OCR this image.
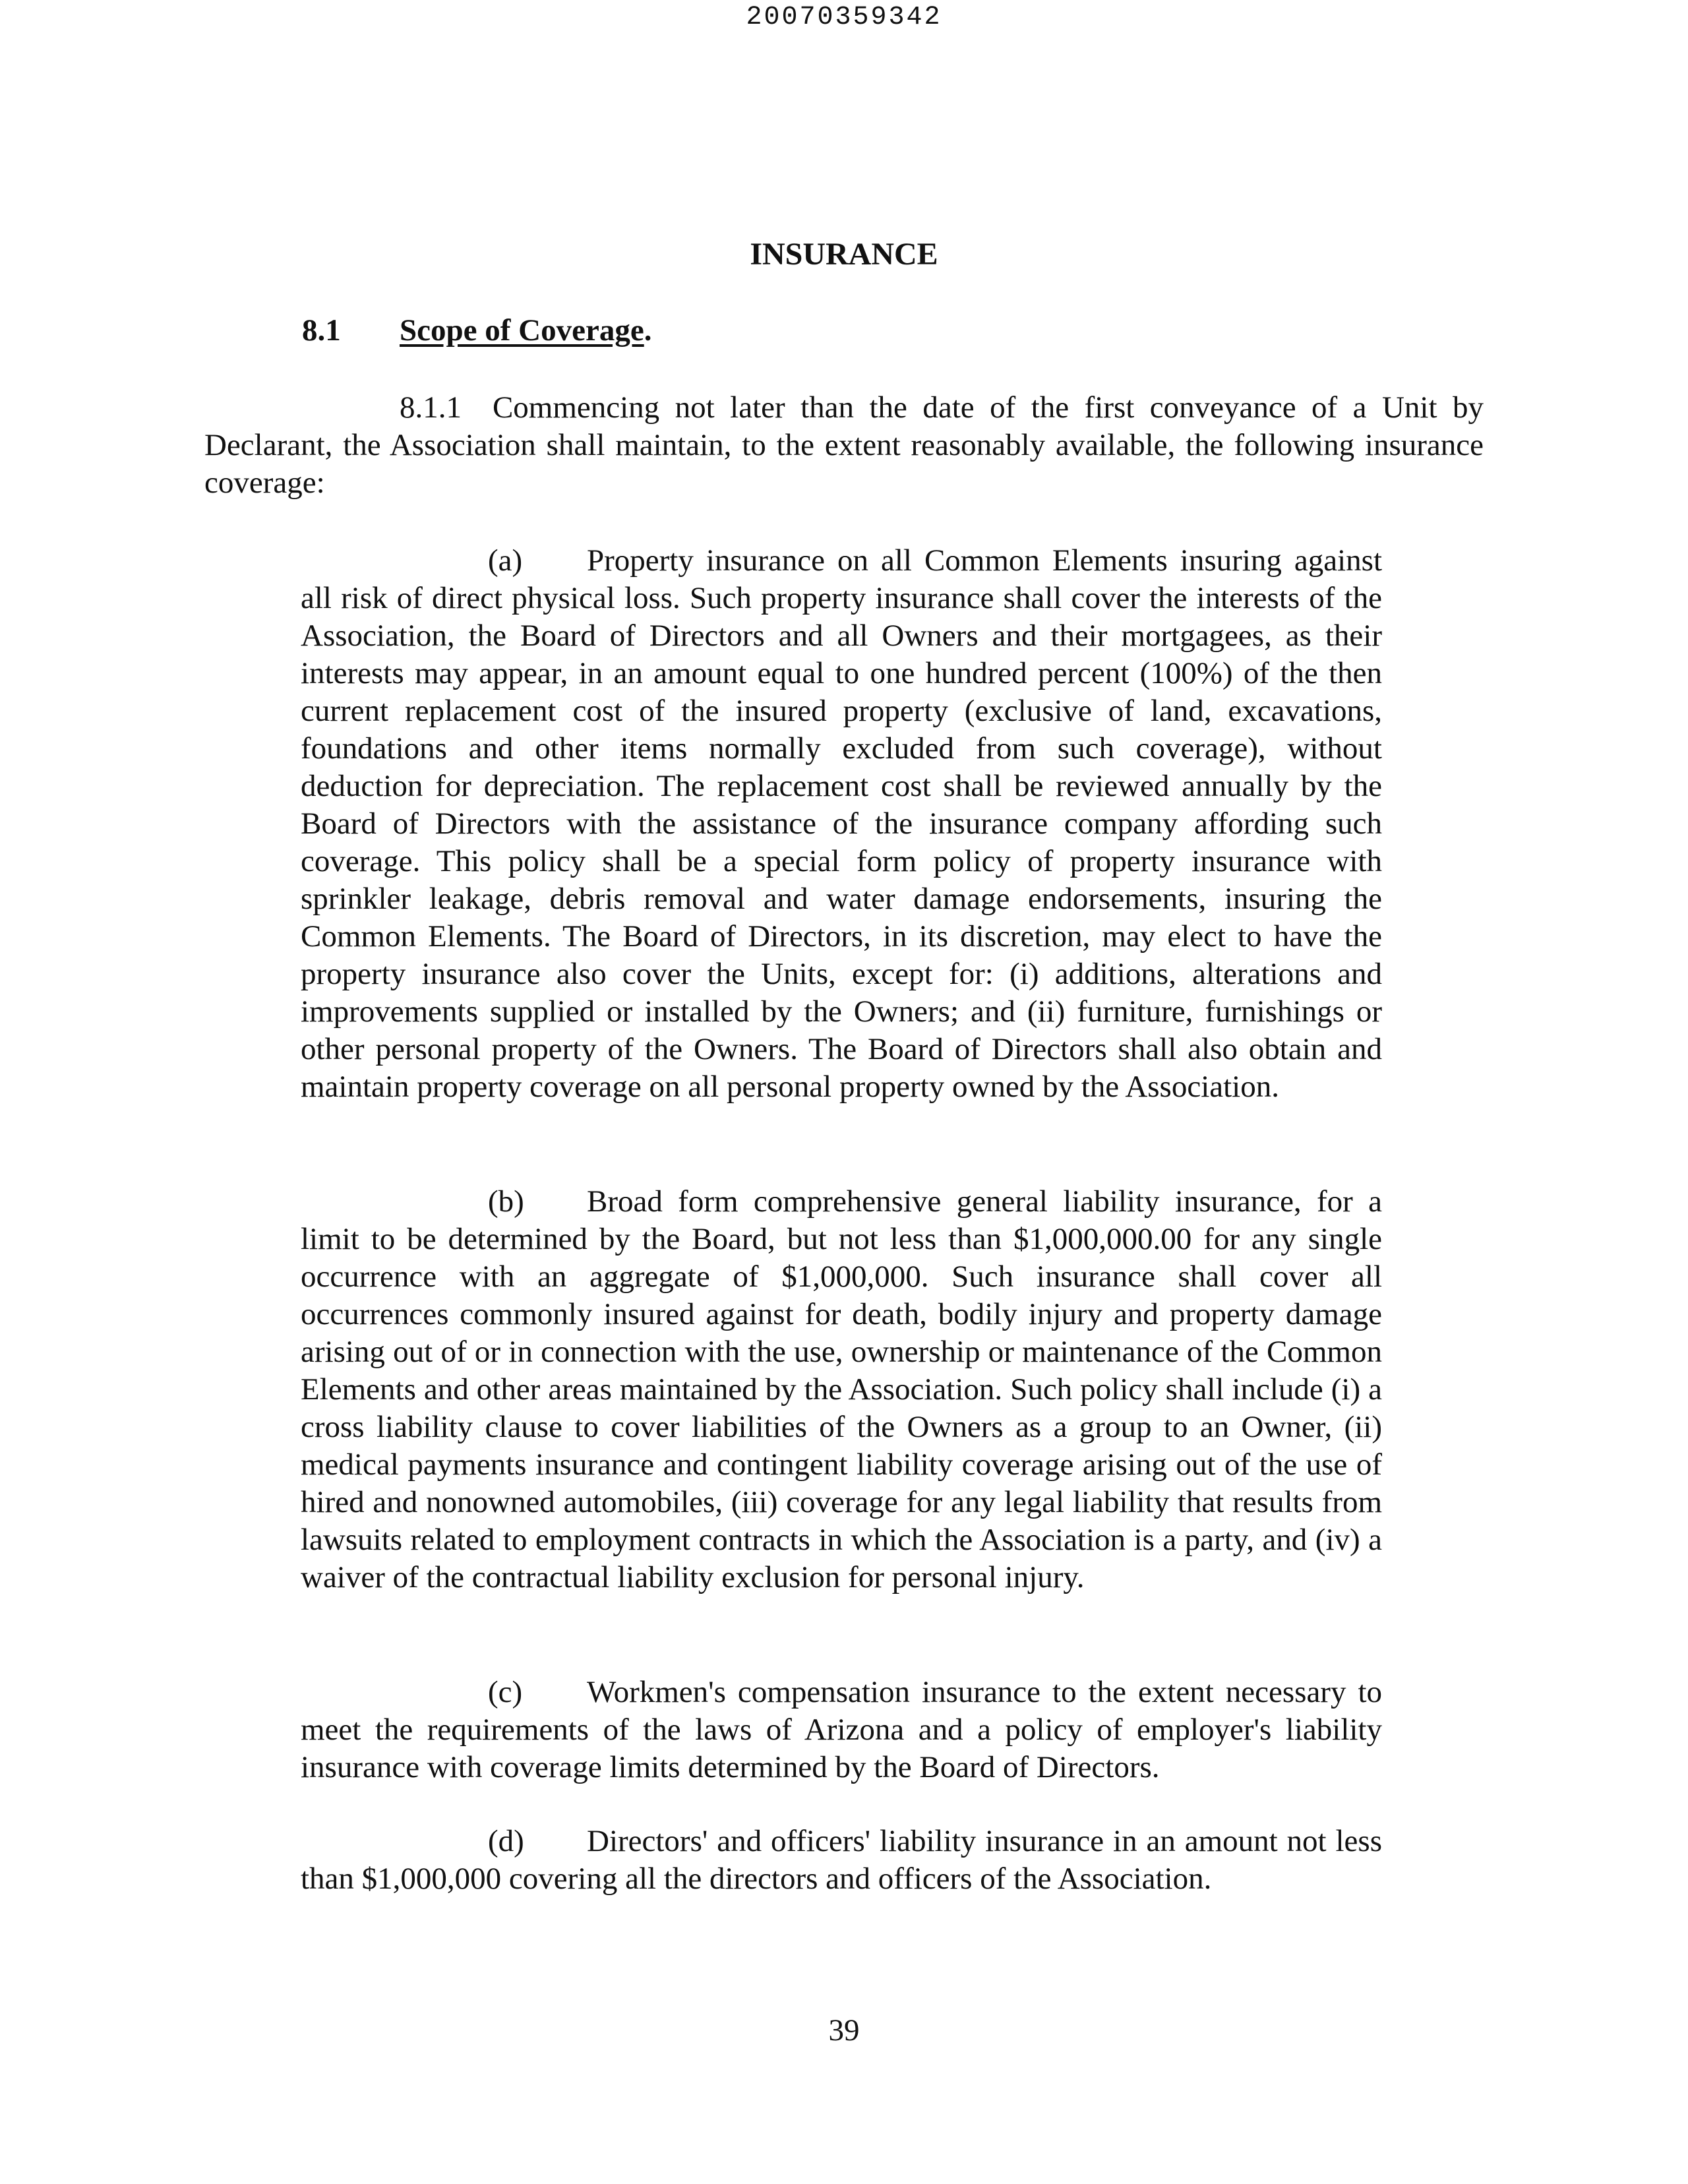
20070359342
INSURANCE
8.1 Scope of Coverage.

8.1.1 Commencing not later than the date of the first conveyance of a Unit by Declarant, the Association shall maintain, to the extent reasonably available, the following insurance coverage:

(a) Property insurance on all Common Elements insuring against all risk of direct physical loss. Such property insurance shall cover the interests of the Association, the Board of Directors and all Owners and their mortgagees, as their interests may appear, in an amount equal to one hundred percent (100%) of the then current replacement cost of the insured property (exclusive of land, excavations, foundations and other items normally excluded from such coverage), without deduction for depreciation. The replacement cost shall be reviewed annually by the Board of Directors with the assistance of the insurance company affording such coverage. This policy shall be a special form policy of property insurance with sprinkler leakage, debris removal and water damage endorsements, insuring the Common Elements. The Board of Directors, in its discretion, may elect to have the property insurance also cover the Units, except for: (i) additions, alterations and improvements supplied or installed by the Owners; and (ii) furniture, furnishings or other personal property of the Owners. The Board of Directors shall also obtain and maintain property coverage on all personal property owned by the Association.

(b) Broad form comprehensive general liability insurance, for a limit to be determined by the Board, but not less than $1,000,000.00 for any single occurrence with an aggregate of $1,000,000. Such insurance shall cover all occurrences commonly insured against for death, bodily injury and property damage arising out of or in connection with the use, ownership or maintenance of the Common Elements and other areas maintained by the Association. Such policy shall include (i) a cross liability clause to cover liabilities of the Owners as a group to an Owner, (ii) medical payments insurance and contingent liability coverage arising out of the use of hired and nonowned automobiles, (iii) coverage for any legal liability that results from lawsuits related to employment contracts in which the Association is a party, and (iv) a waiver of the contractual liability exclusion for personal injury.

(c) Workmen's compensation insurance to the extent necessary to meet the requirements of the laws of Arizona and a policy of employer's liability insurance with coverage limits determined by the Board of Directors.

(d) Directors' and officers' liability insurance in an amount not less than $1,000,000 covering all the directors and officers of the Association.

39
